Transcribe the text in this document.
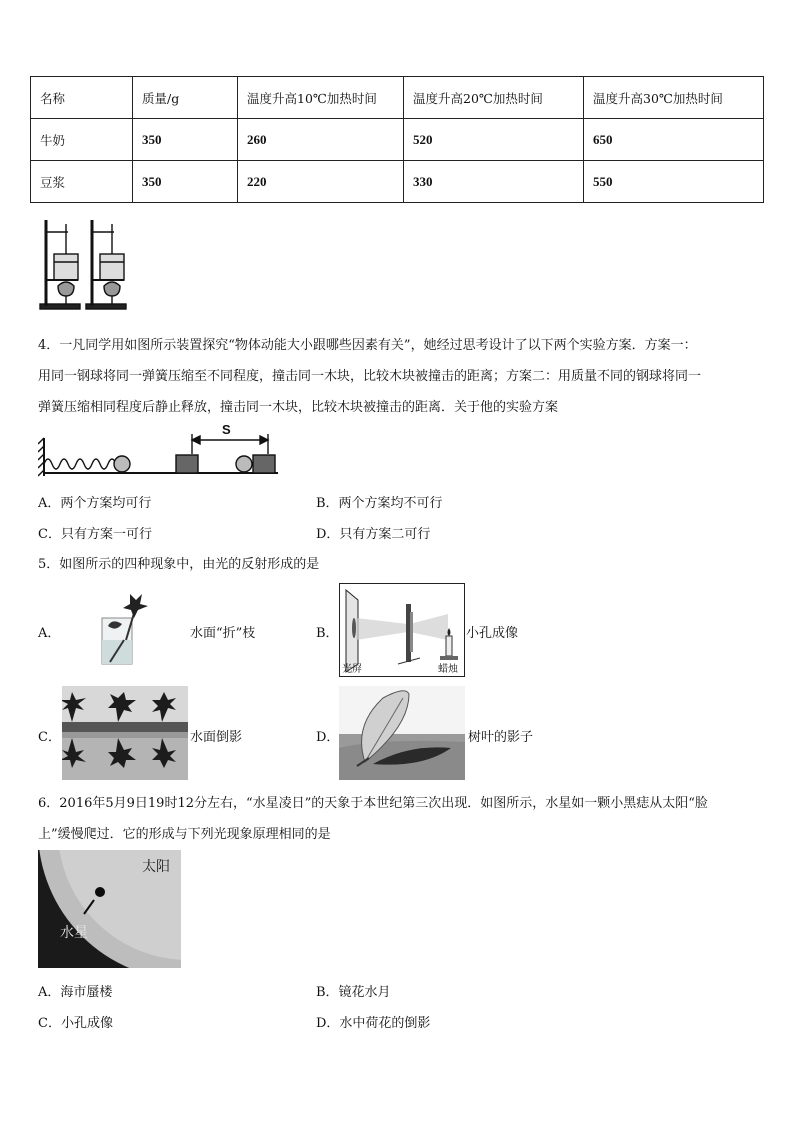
名称	质量/g	温度升高10℃加热时间	温度升高20℃加热时间	温度升高30℃加热时间
牛奶	350	260	520	650
豆浆	350	220	330	550
4．一凡同学用如图所示装置探究“物体动能大小跟哪些因素有关”，她经过思考设计了以下两个实验方案．方案一：
用同一钢球将同一弹簧压缩至不同程度，撞击同一木块，比较木块被撞击的距离；方案二：用质量不同的钢球将同一
弹簧压缩相同程度后静止释放，撞击同一木块，比较木块被撞击的距离．关于他的实验方案
S
A．两个方案均可行	B．两个方案均不可行
C．只有方案一可行	D．只有方案二可行
5．如图所示的四种现象中，由光的反射形成的是
A．	水面“折”枝	B．
光屏	蜡烛
小孔成像
C．	水面倒影	D．	树叶的影子
6．2016年5月9日19时12分左右，“水星凌日”的天象于本世纪第三次出现．如图所示，水星如一颗小黑痣从太阳“脸
上”缓慢爬过．它的形成与下列光现象原理相同的是
太阳
水星
A．海市蜃楼	B．镜花水月
C．小孔成像	D．水中荷花的倒影
